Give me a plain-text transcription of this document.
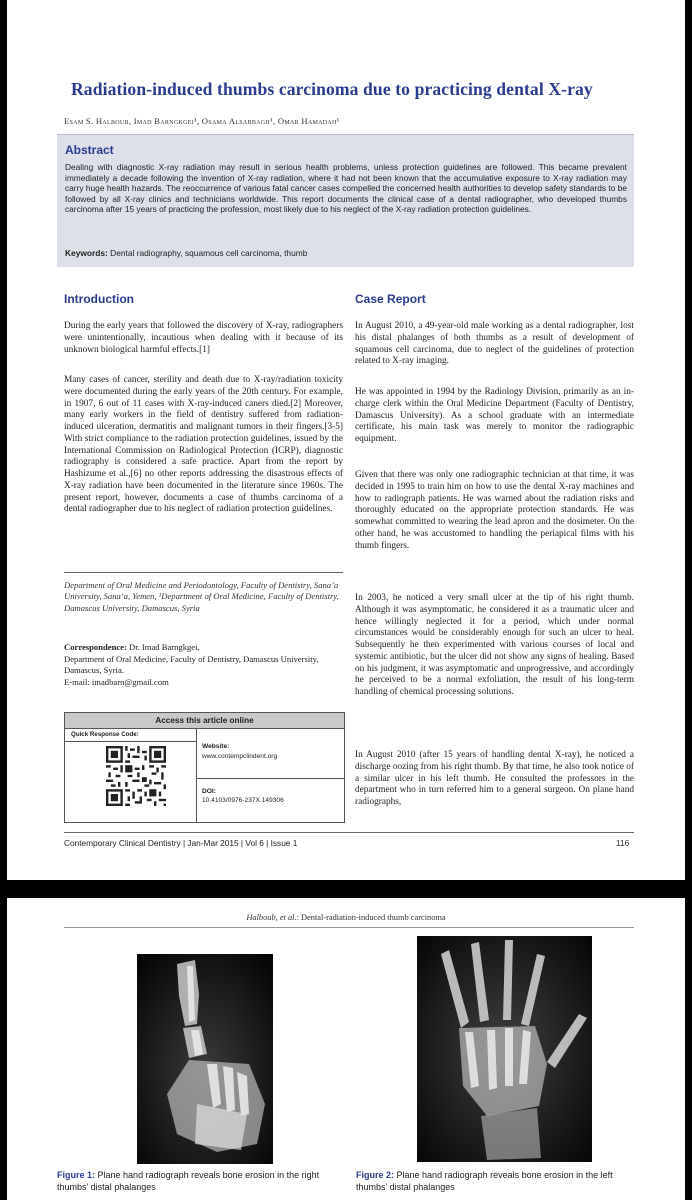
Radiation-induced thumbs carcinoma due to practicing dental X-ray
Esam S. Halboub, Imad Barngkgei¹, Osama Alsabbagh¹, Omar Hamadah¹
Abstract
Dealing with diagnostic X-ray radiation may result in serious health problems, unless protection guidelines are followed. This became prevalent immediately a decade following the invention of X-ray radiation, where it had not been known that the accumulative exposure to X-ray radiation may carry huge health hazards. The reoccurrence of various fatal cancer cases compelled the concerned health authorities to develop safety standards to be followed by all X-ray clinics and technicians worldwide. This report documents the clinical case of a dental radiographer, who developed thumbs carcinoma after 15 years of practicing the profession, most likely due to his neglect of the X-ray radiation protection guidelines.
Keywords: Dental radiography, squamous cell carcinoma, thumb
Introduction
During the early years that followed the discovery of X-ray, radiographers were unintentionally, incautious when dealing with it because of its unknown biological harmful effects.[1]
Many cases of cancer, sterility and death due to X-ray/radiation toxicity were documented during the early years of the 20th century. For example, in 1907, 6 out of 11 cases with X-ray-induced caners died.[2] Moreover, many early workers in the field of dentistry suffered from radiation-induced ulceration, dermatitis and malignant tumors in their fingers.[3-5] With strict compliance to the radiation protection guidelines, issued by the International Commission on Radiological Protection (ICRP), diagnostic radiography is considered a safe practice. Apart from the report by Hashizume et al.,[6] no other reports addressing the disastrous effects of X-ray radiation have been documented in the literature since 1960s. The present report, however, documents a case of thumbs carcinoma of a dental radiographer due to his neglect of radiation protection guidelines.
Department of Oral Medicine and Periodontology, Faculty of Dentistry, Sana’a University, Sana’a, Yemen, ¹Department of Oral Medicine, Faculty of Dentistry, Damascus University, Damascus, Syria
Correspondence: Dr. Imad Barngkgei,
Department of Oral Medicine, Faculty of Dentistry, Damascus University, Damascus, Syria.
E-mail: imadbarn@gmail.com
Access this article online
Quick Response Code:
Website:
www.contempclindent.org
DOI:
10.4103/0976-237X.149306
Case Report
In August 2010, a 49-year-old male working as a dental radiographer, lost his distal phalanges of both thumbs as a result of development of squamous cell carcinoma, due to neglect of the guidelines of protection related to X-ray imaging.
He was appointed in 1994 by the Radiology Division, primarily as an in-charge clerk within the Oral Medicine Department (Faculty of Dentistry, Damascus University). As a school graduate with an intermediate certificate, his main task was merely to monitor the radiographic equipment.
Given that there was only one radiographic technician at that time, it was decided in 1995 to train him on how to use the dental X-ray machines and how to radiograph patients. He was warned about the radiation risks and thoroughly educated on the appropriate protection standards. He was somewhat committed to wearing the lead apron and the dosimeter. On the other hand, he was accustomed to handling the periapical films with his thumb fingers.
In 2003, he noticed a very small ulcer at the tip of his right thumb. Although it was asymptomatic, he considered it as a traumatic ulcer and hence willingly neglected it for a period, which under normal circumstances would be considerably enough for such an ulcer to heal. Subsequently he then experimented with various courses of local and systemic antibiotic, but the ulcer did not show any signs of healing. Based on his judgment, it was asymptomatic and unprogressive, and accordingly he perceived to be a normal exfoliation, the result of his long-term handling of chemical processing solutions.
In August 2010 (after 15 years of handling dental X-ray), he noticed a discharge oozing from his right thumb. By that time, he also took notice of a similar ulcer in his left thumb. He consulted the professors in the department who in turn referred him to a general surgeon. On plane hand radiographs,
Contemporary Clinical Dentistry | Jan-Mar 2015 | Vol 6 | Issue 1	116
Halboub, et al.: Dental-radiation-induced thumb carcinoma
Figure 1: Plane hand radiograph reveals bone erosion in the right thumbs’ distal phalanges
Figure 2: Plane hand radiograph reveals bone erosion in the left thumbs’ distal phalanges
